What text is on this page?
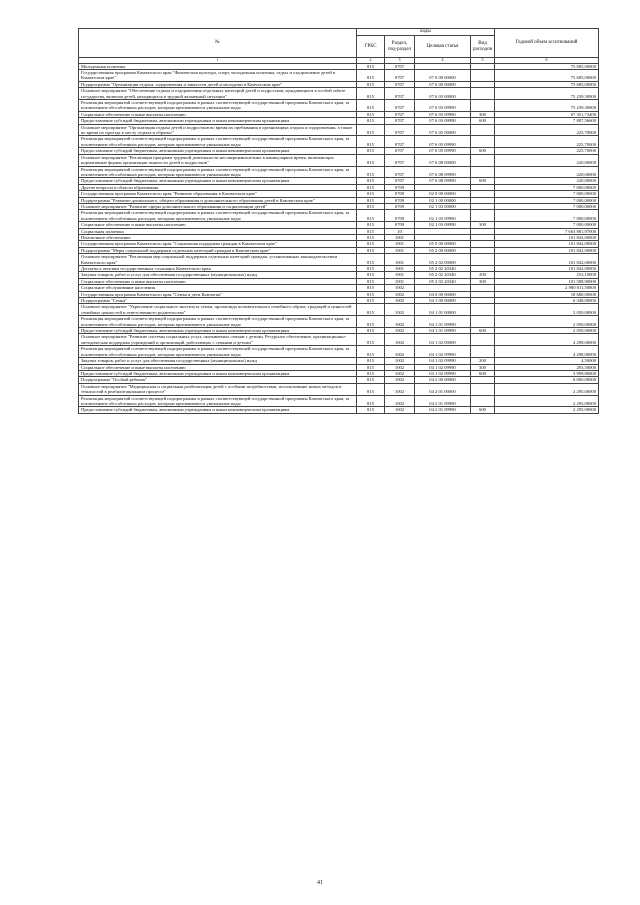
№	коды				Годовой объем ассигнований
	ГРБС	Раздел, под-раздел	Целевая статья	Вид расходов	
1	2	3	4	5	6
Молодежная политика	815	0707			75 685,00000
Государственная программа Камчатского края "Физическая культура, спорт, молодежная политика, отдых и оздоровление детей в Камчатском крае"	815	0707	07 0 00 00000		75 685,00000
Подпрограмма "Организация отдыха, оздоровления и занятости детей и молодежи в Камчатском крае"	815	0707	07 6 00 00000		75 685,00000
Основное мероприятие "Обеспечение отдыха и оздоровления отдельных категорий детей и подростков, нуждающихся в особой заботе государства, включая детей, находящихся в трудной жизненной ситуации"	815	0707	07 6 03 00000		75 239,30000
Реализация мероприятий соответствующей подпрограммы в рамках соответствующей государственной программы Камчатского края, за исключением обособленных расходов, которым присваиваются уникальные коды	815	0707	07 6 03 09990		75 239,30000
Социальное обеспечение и иные выплаты населению	815	0707	07 6 03 09990	300	67 351,73400
Предоставление субсидий бюджетным, автономным учреждениям и иным некоммерческим организациям	815	0707	07 6 03 09990	600	7 887,56600
Основное мероприятие "Организация отдыха детей и подростков во время их пребывания в организациях отдыха и оздоровления, а также во время их проезда к месту отдыха и обратно"	815	0707	07 6 05 00000		225,70000
Реализация мероприятий соответствующей подпрограммы в рамках соответствующей государственной программы Камчатского края, за исключением обособленных расходов, которым присваиваются уникальные коды	815	0707	07 6 05 09990		225,70000
Предоставление субсидий бюджетным, автономным учреждениям и иным некоммерческим организациям	815	0707	07 6 05 09990	600	225,70000
Основное мероприятие "Реализация программ трудовой деятельности несовершеннолетних в каникулярное время, включающих нормативные формы организации занятости детей и подростков"	815	0707	07 6 08 00000		220,00000
Реализация мероприятий соответствующей подпрограммы в рамках соответствующей государственной программы Камчатского края, за исключением обособленных расходов, которым присваиваются уникальные коды	815	0707	07 6 08 09990		220,00000
Предоставление субсидий бюджетным, автономным учреждениям и иным некоммерческим организациям	815	0707	07 6 08 09990	600	220,00000
Другие вопросы в области образования	815	0709			7 000,00000
Государственная программа Камчатского края "Развитие образования в Камчатском крае"	815	0709	02 0 00 00000		7 000,00000
Подпрограмма "Развитие дошкольного, общего образования и дополнительного образования детей в Камчатском крае"	815	0709	02 1 00 00000		7 000,00000
Основное мероприятие "Развитие сферы дополнительного образования и социализации детей"	815	0709	02 1 03 00000		7 000,00000
Реализация мероприятий соответствующей подпрограммы в рамках соответствующей государственной программы Камчатского края, за исключением обособленных расходов, которым присваиваются уникальные коды	815	0709	02 1 03 09990		7 000,00000
Социальное обеспечение и иные выплаты населению	815	0709	02 1 03 09990	300	7 000,00000
Социальная политика	815	10			7 663 881,97000
Пенсионное обеспечение	815	1001			101 842,00000
Государственная программа Камчатского края "Социальная поддержка граждан в Камчатском крае"	815	1001	05 0 00 00000		101 842,00000
Подпрограмма "Меры социальной поддержки отдельных категорий граждан в Камчатском крае"	815	1001	05 2 00 00000		101 842,00000
Основное мероприятие "Реализация мер социальной поддержки отдельных категорий граждан, установленных законодательством Камчатского края"	815	1001	05 2 02 00000		101 842,00000
Доплаты к пенсиям государственных служащих Камчатского края	815	1001	05 2 02 20340		101 842,00000
Закупка товаров, работ и услуг для обеспечения государственных (муниципальных) нужд	815	1001	05 2 02 20340	200	253,10000
Социальное обеспечение и иные выплаты населению	815	1001	05 2 02 20340	300	101 588,90000
Социальное обслуживание населения	815	1002			2 980 811,50800
Государственная программа Камчатского края "Семья и дети Камчатки"	815	1002	04 0 00 00000		18 680,00000
Подпрограмма "Семья"	815	1002	04 1 00 00000		6 348,00000
Основное мероприятие "Укрепление социального института семьи, пропаганда положительного семейного образа, традиций и ценностей семейных ценностей и ответственного родительства"	815	1002	04 1 01 00000		2 050,00000
Реализация мероприятий соответствующей подпрограммы в рамках соответствующей государственной программы Камчатского края, за исключением обособленных расходов, которым присваиваются уникальные коды	815	1002	04 1 01 09990		2 050,00000
Предоставление субсидий бюджетным, автономным учреждениям и иным некоммерческим организациям	815	1002	04 1 01 09990	600	2 050,00000
Основное мероприятие "Развитие системы социальных услуг, оказываемых семьям с детьми. Ресурсное обеспечение, организационно-методическая поддержка учреждений и организаций, работающих с семьями и детьми"	815	1002	04 1 02 00000		4 298,00000
Реализация мероприятий соответствующей подпрограммы в рамках соответствующей государственной программы Камчатского края, за исключением обособленных расходов, которым присваиваются уникальные коды	815	1002	04 1 02 09990		4 298,00000
Закупка товаров, работ и услуг для обеспечения государственных (муниципальных) нужд	815	1002	04 1 02 09990	200	4,50000
Социальное обеспечение и иные выплаты населению	815	1002	04 1 02 09990	300	293,50000
Предоставление субсидий бюджетным, автономным учреждениям и иным некоммерческим организациям	815	1002	04 1 02 09990	600	3 999,80000
Подпрограмма "Особый ребенок"	815	1002	04 2 00 00000		6 000,00000
Основное мероприятие "Медицинская и социальная реабилитация детей с особыми потребностями, использование новых методов и технологий в реабилитационном процессе"	815	1002	04 2 01 00000		2 295,00000
Реализация мероприятий соответствующей подпрограммы в рамках соответствующей государственной программы Камчатского края, за исключением обособленных расходов, которым присваиваются уникальные коды	815	1002	04 2 01 09990		2 295,00000
Предоставление субсидий бюджетным, автономным учреждениям и иным некоммерческим организациям	815	1002	04 2 01 09990	600	2 295,00000
41
